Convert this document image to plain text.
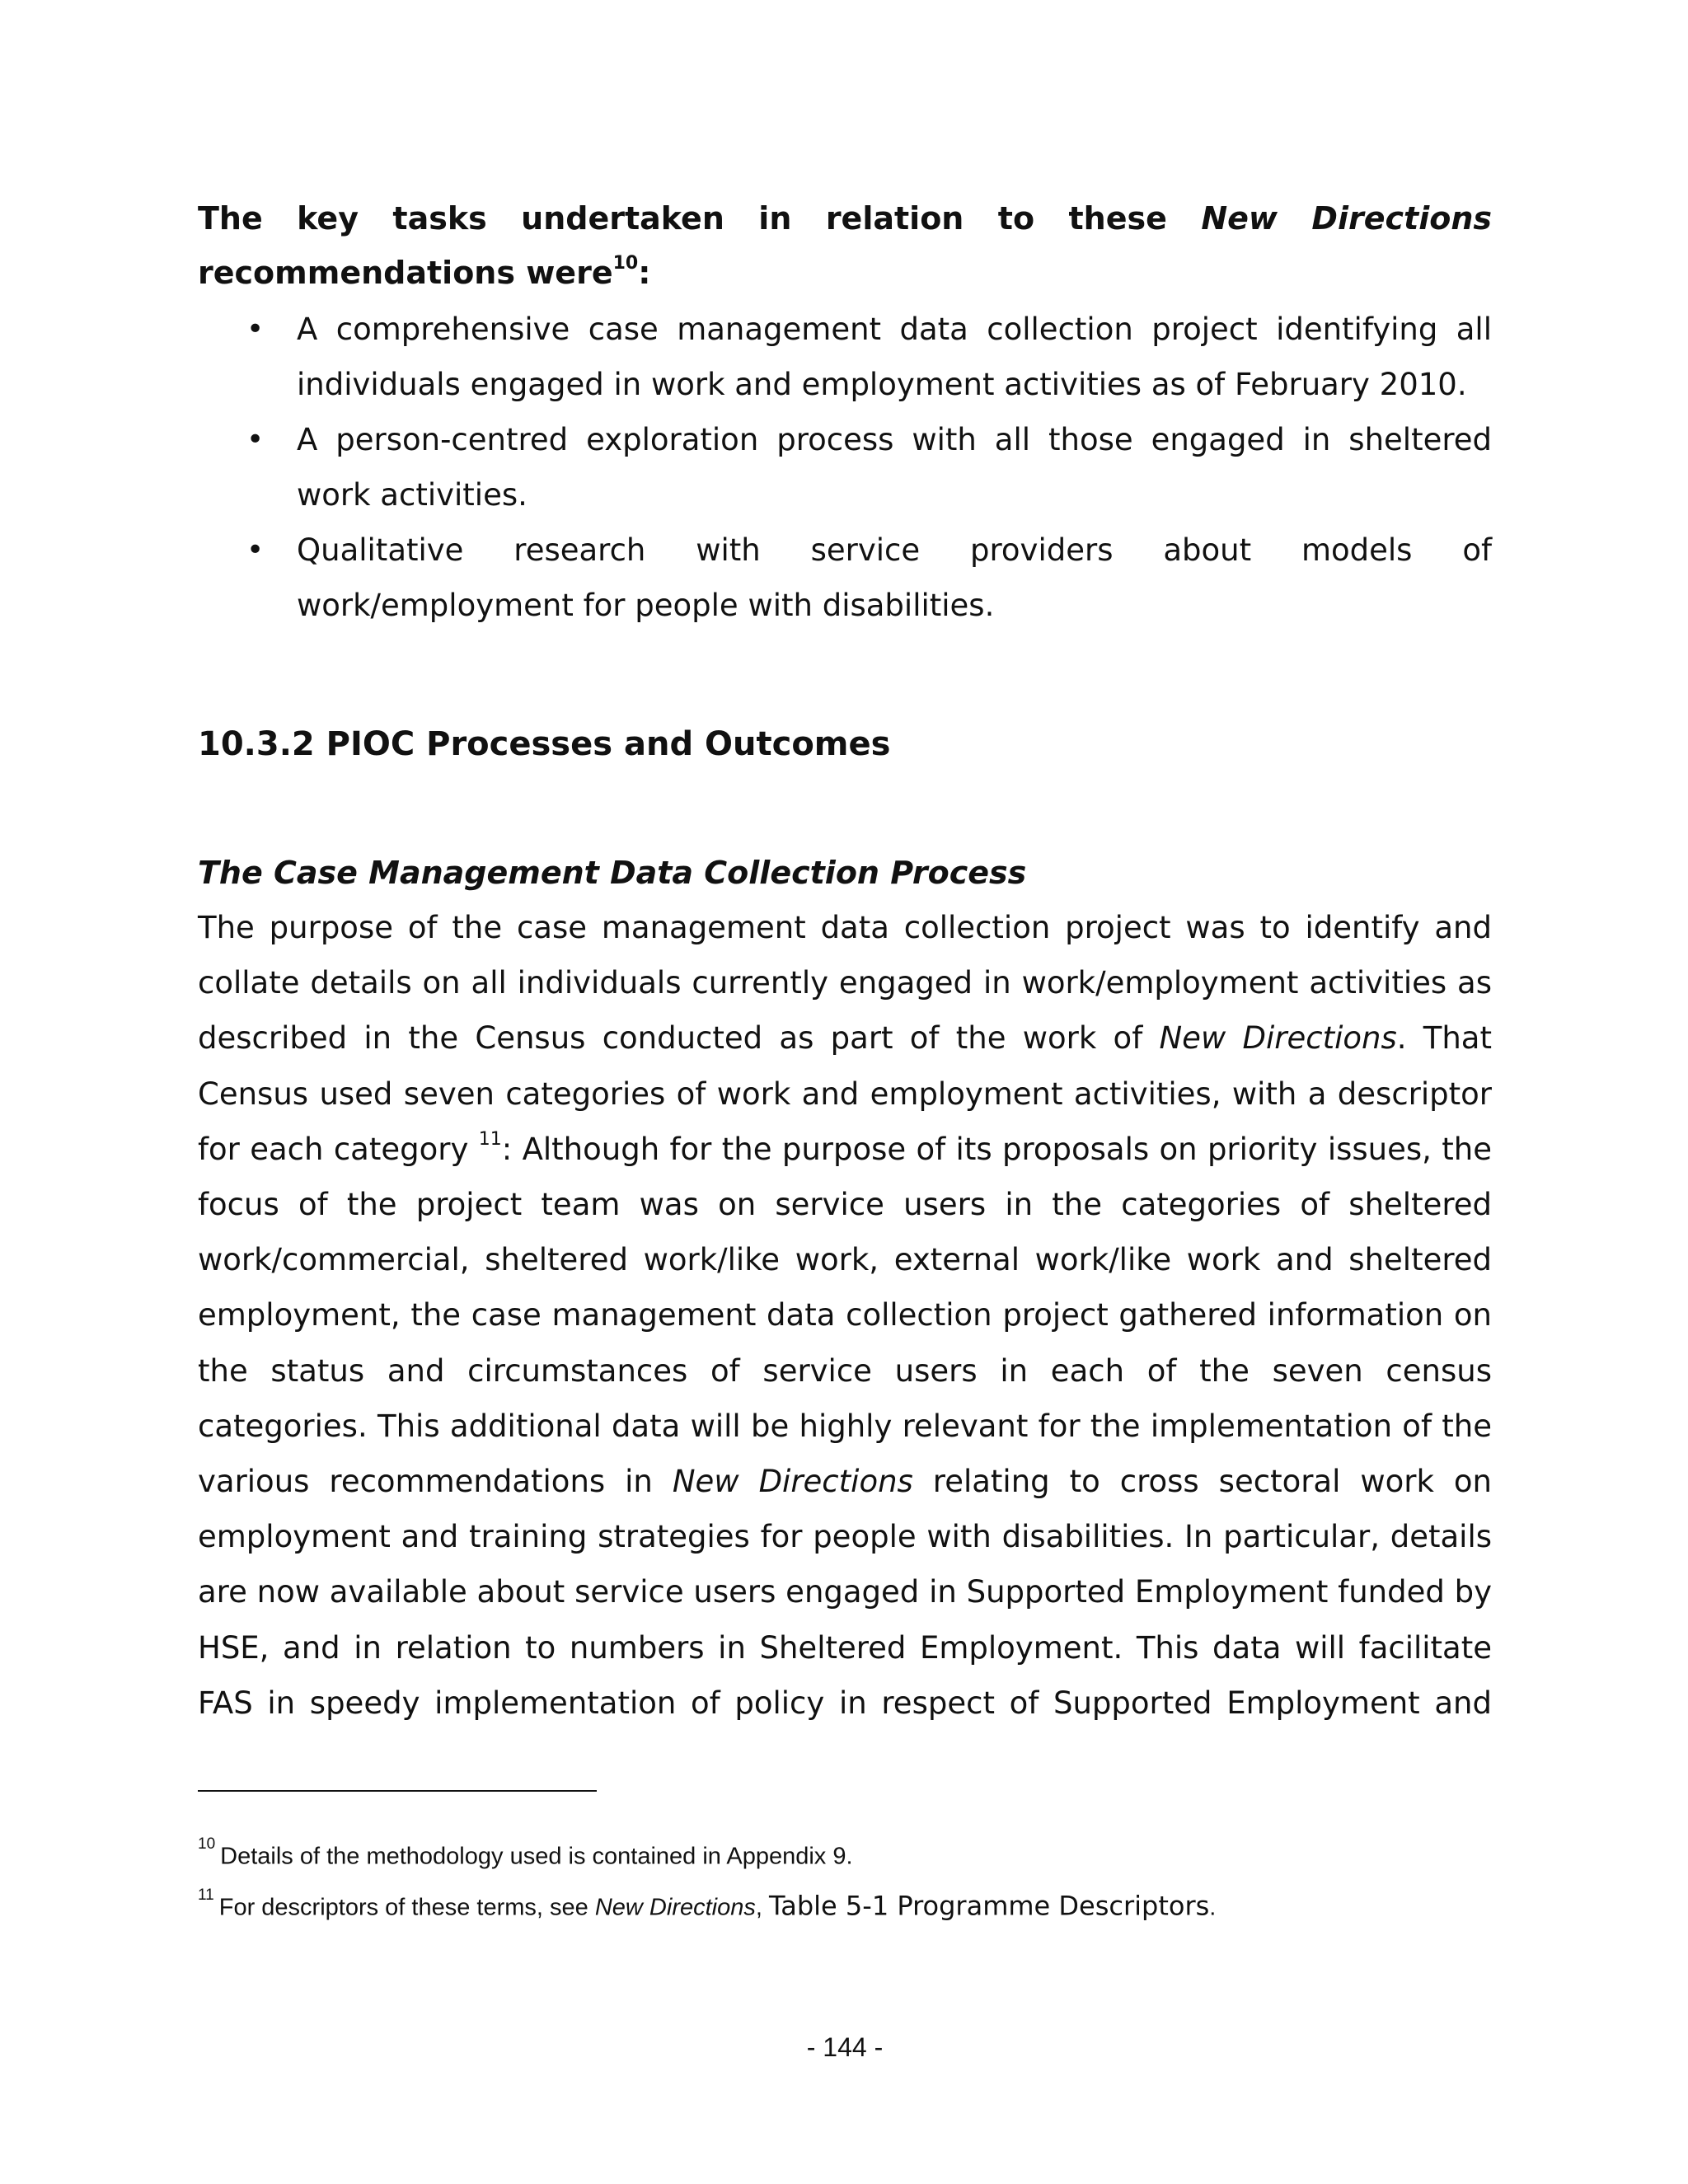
The key tasks undertaken in relation to these New Directions
recommendations were$^{10}$:
• A comprehensive case management data collection project identifying all
individuals engaged in work and employment activities as of February 2010.
• A person-centred exploration process with all those engaged in sheltered
work activities.
• Qualitative research with service providers about models of
work/employment for people with disabilities.
10.3.2 PIOC Processes and Outcomes
The Case Management Data Collection Process
The purpose of the case management data collection project was to identify and collate details on all individuals currently engaged in work/employment activities as described in the Census conducted as part of the work of New Directions. That Census used seven categories of work and employment activities, with a descriptor for each category $^{11}$: Although for the purpose of its proposals on priority issues, the focus of the project team was on service users in the categories of sheltered work/commercial, sheltered work/like work, external work/like work and sheltered employment, the case management data collection project gathered information on the status and circumstances of service users in each of the seven census categories. This additional data will be highly relevant for the implementation of the various recommendations in New Directions relating to cross sectoral work on employment and training strategies for people with disabilities. In particular, details are now available about service users engaged in Supported Employment funded by HSE, and in relation to numbers in Sheltered Employment. This data will facilitate FAS in speedy implementation of policy in respect of Supported Employment and
$^{10}$ Details of the methodology used is contained in Appendix 9.
$^{11}$ For descriptors of these terms, see New Directions, Table 5-1 Programme Descriptors.
- 144 -
